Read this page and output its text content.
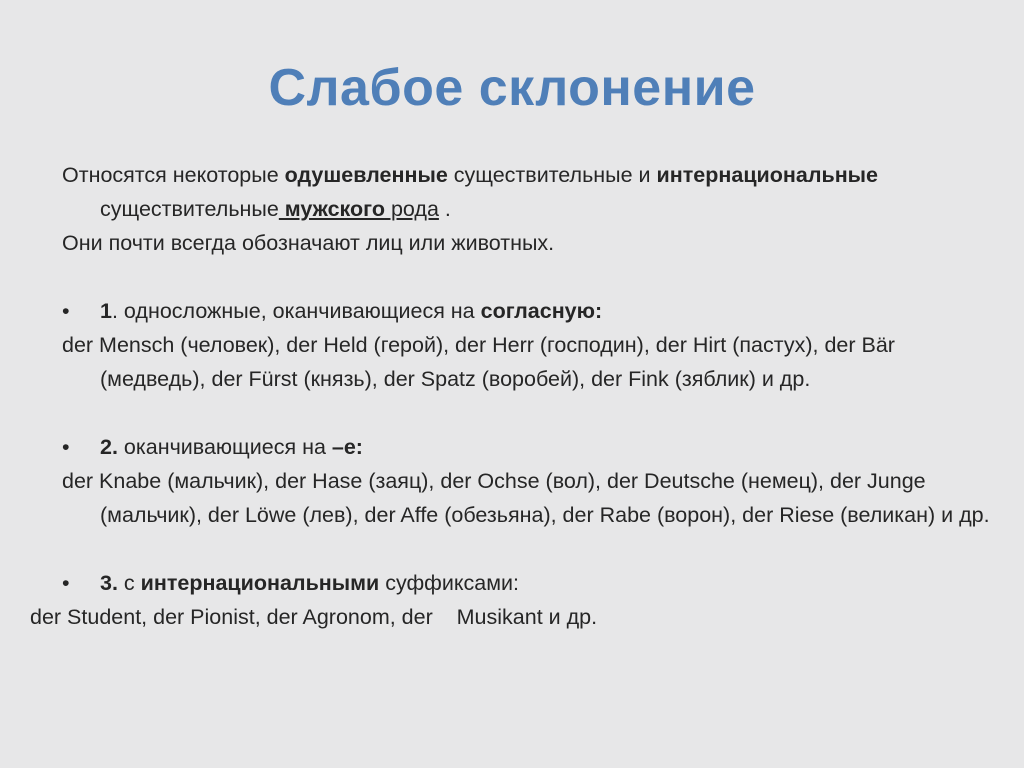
Слабое склонение

Относятся некоторые одушевленные существительные и интернациональные существительные мужского рода .

Они почти всегда обозначают лиц или животных.

• 1. односложные, оканчивающиеся на согласную:

der Mensch (человек), der Held (герой), der Herr (господин), der Hirt (пастух), der Bär (медведь), der Fürst (князь), der Spatz (воробей), der Fink (зяблик) и др.

• 2. оканчивающиеся на –е:

der Knabe (мальчик), der Hase (заяц), der Ochse (вол), der Deutsche (немец), der Junge (мальчик), der Löwe (лев), der Affe (обезьяна), der Rabe (ворон), der Riese (великан) и др.

• 3. с интернациональными суффиксами:

der Student, der Pionist, der Agronom, der    Musikant и др.
